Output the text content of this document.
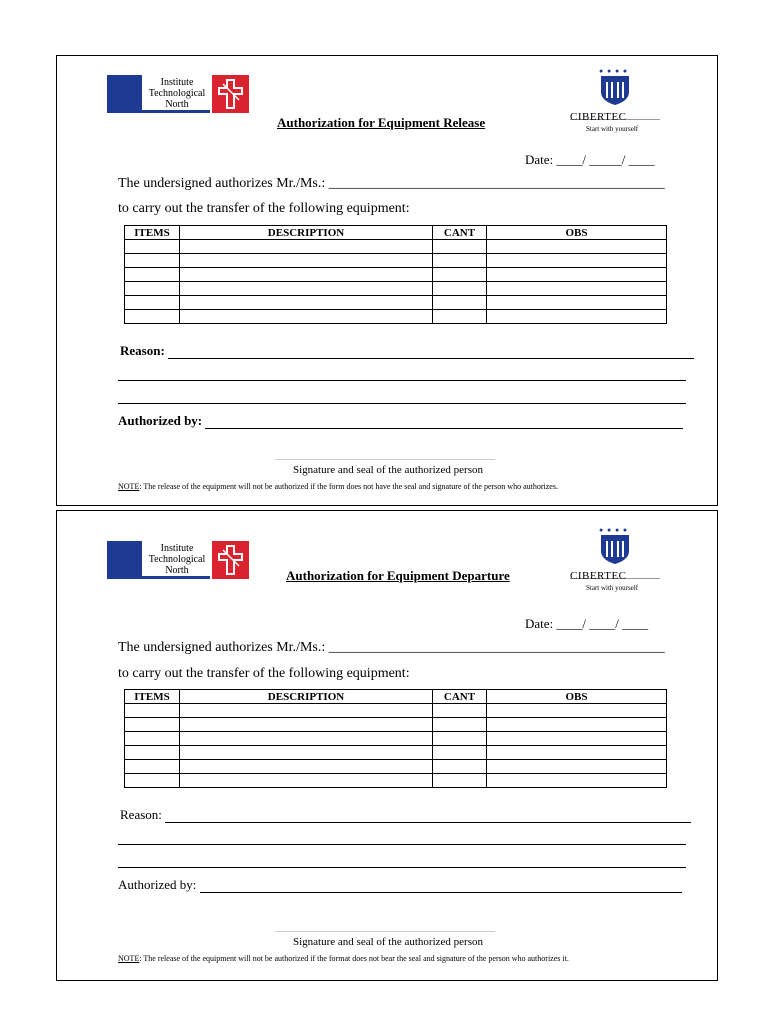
Institute
Technological
North
Authorization for Equipment Release
● ● ● ●
CIBERTEC
Start with yourself
Date: ____/ _____/ ____
The undersigned authorizes Mr./Ms.: ________________________________________________
to carry out the transfer of the following equipment:
ITEMS	DESCRIPTION	CANT	OBS

Reason:
Authorized by:
Signature and seal of the authorized person
NOTE: The release of the equipment will not be authorized if the form does not have the seal and signature of the person who authorizes.
Institute
Technological
North	Authorization for Equipment Departure
● ● ● ●
CIBERTEC
Start with yourself
Date: ____/ ____/ ____
The undersigned authorizes Mr./Ms.: ________________________________________________
to carry out the transfer of the following equipment:
ITEMS	DESCRIPTION	CANT	OBS

Reason:
Authorized by:
Signature and seal of the authorized person
NOTE: The release of the equipment will not be authorized if the format does not bear the seal and signature of the person who authorizes it.
